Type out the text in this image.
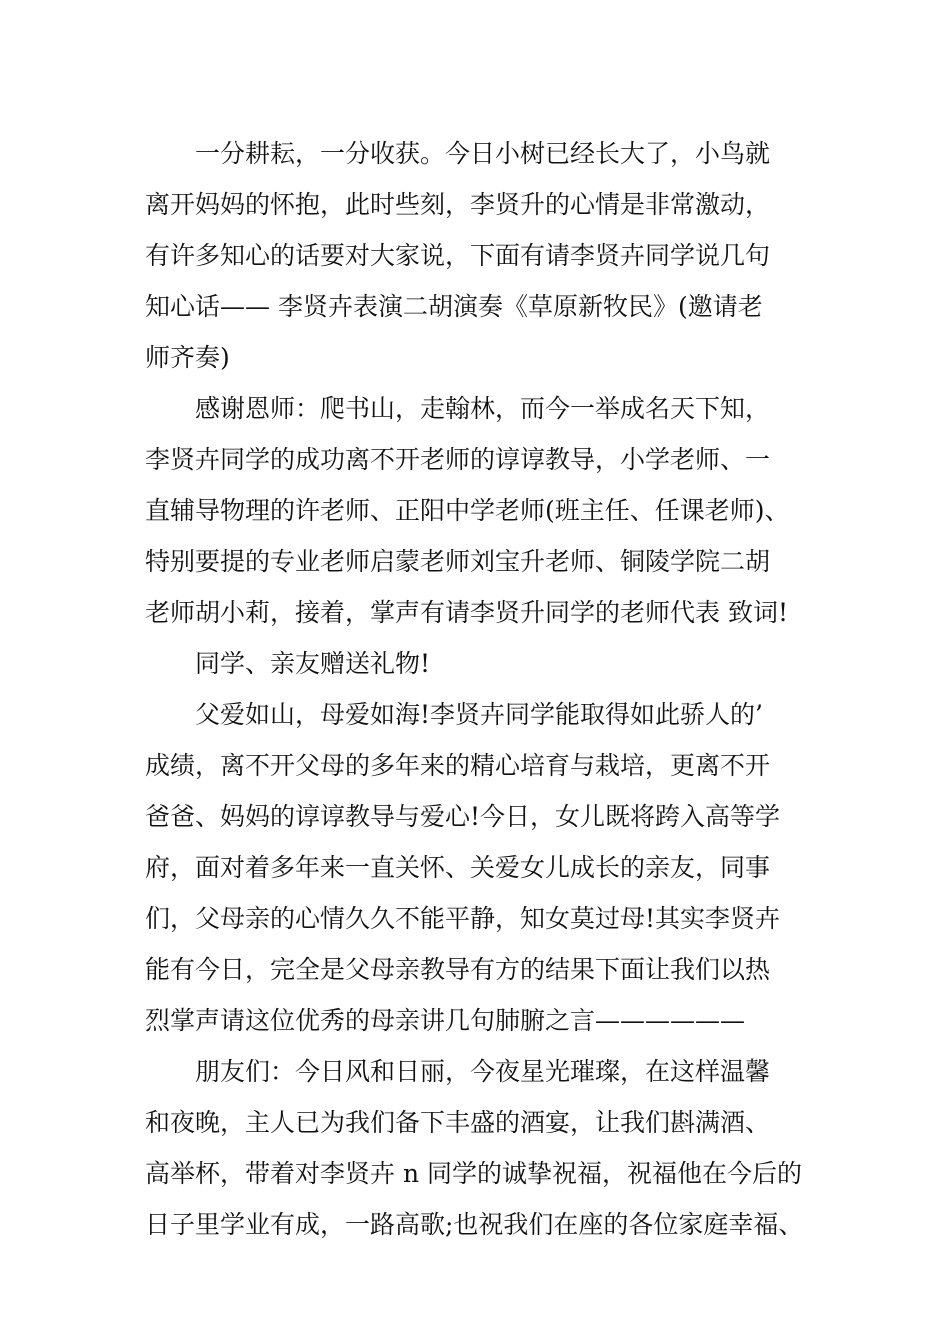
一分耕耘，一分收获。今日小树已经长大了，小鸟就
离开妈妈的怀抱，此时些刻，李贤升的心情是非常激动，
有许多知心的话要对大家说，下面有请李贤卉同学说几句
知心话—— 李贤卉表演二胡演奏《草原新牧民》(邀请老
师齐奏)
感谢恩师：爬书山，走翰林，而今一举成名天下知，
李贤卉同学的成功离不开老师的谆谆教导，小学老师、一
直辅导物理的许老师、正阳中学老师(班主任、任课老师)、
特别要提的专业老师启蒙老师刘宝升老师、铜陵学院二胡
老师胡小莉，接着，掌声有请李贤升同学的老师代表 致词!
同学、亲友赠送礼物!
父爱如山，母爱如海!李贤卉同学能取得如此骄人的’
成绩，离不开父母的多年来的精心培育与栽培，更离不开
爸爸、妈妈的谆谆教导与爱心!今日，女儿既将跨入高等学
府，面对着多年来一直关怀、关爱女儿成长的亲友，同事
们，父母亲的心情久久不能平静，知女莫过母!其实李贤卉
能有今日，完全是父母亲教导有方的结果下面让我们以热
烈掌声请这位优秀的母亲讲几句肺腑之言——————
朋友们：今日风和日丽，今夜星光璀璨，在这样温馨
和夜晚，主人已为我们备下丰盛的酒宴，让我们斟满酒、
高举杯，带着对李贤卉 n 同学的诚挚祝福，祝福他在今后的
日子里学业有成，一路高歌;也祝我们在座的各位家庭幸福、
